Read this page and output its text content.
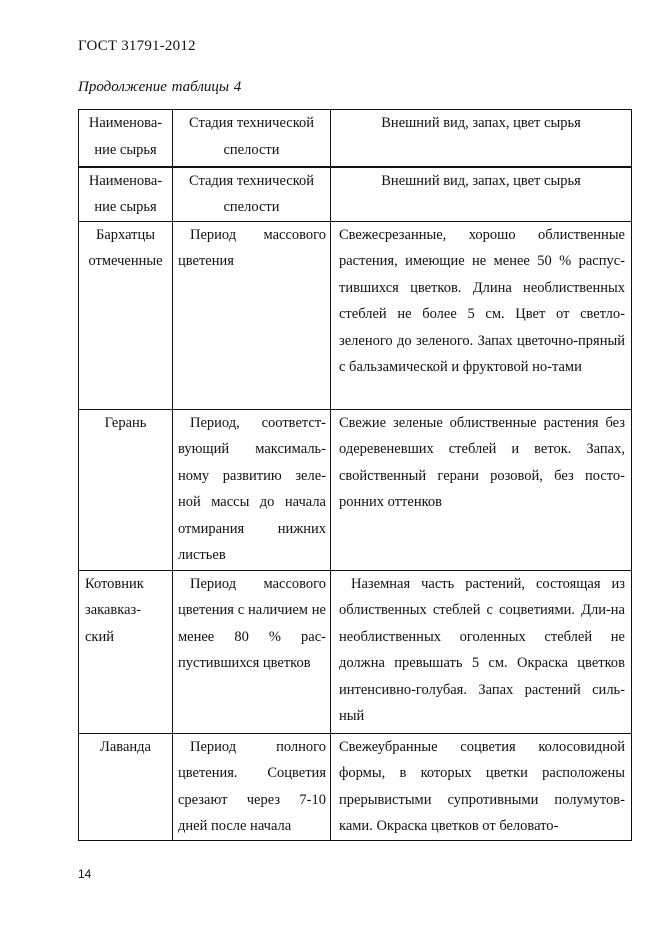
ГОСТ 31791-2012
Продолжение таблицы 4
Наименова-ние сырья	Стадия технической спелости	Внешний вид, запах, цвет сырья
Наименова-ние сырья	Стадия технической спелости	Внешний вид, запах, цвет сырья
Бархатцы отмеченные	Период массового цветения	Свежесрезанные, хорошо облиственные растения, имеющие не менее 50 % распус-тившихся цветков. Длина необлиственных стеблей не более 5 см. Цвет от светло-зеленого до зеленого. Запах цветочно-пряный с бальзамической и фруктовой но-тами
Герань	Период, соответст-вующий максималь-ному развитию зеле-ной массы до начала отмирания нижних листьев	Свежие зеленые облиственные растения без одеревеневших стеблей и веток. Запах, свойственный герани розовой, без посто-ронних оттенков
Котовник закавказ-ский	Период массового цветения с наличием не менее 80 % рас-пустившихся цветков	Наземная часть растений, состоящая из облиственных стеблей с соцветиями. Дли-на необлиственных оголенных стеблей не должна превышать 5 см. Окраска цветков интенсивно-голубая. Запах растений силь-ный
Лаванда	Период полного цветения. Соцветия срезают через 7-10 дней после начала	Свежеубранные соцветия колосовидной формы, в которых цветки расположены прерывистыми супротивными полумутов-ками. Окраска цветков от беловато-
14
